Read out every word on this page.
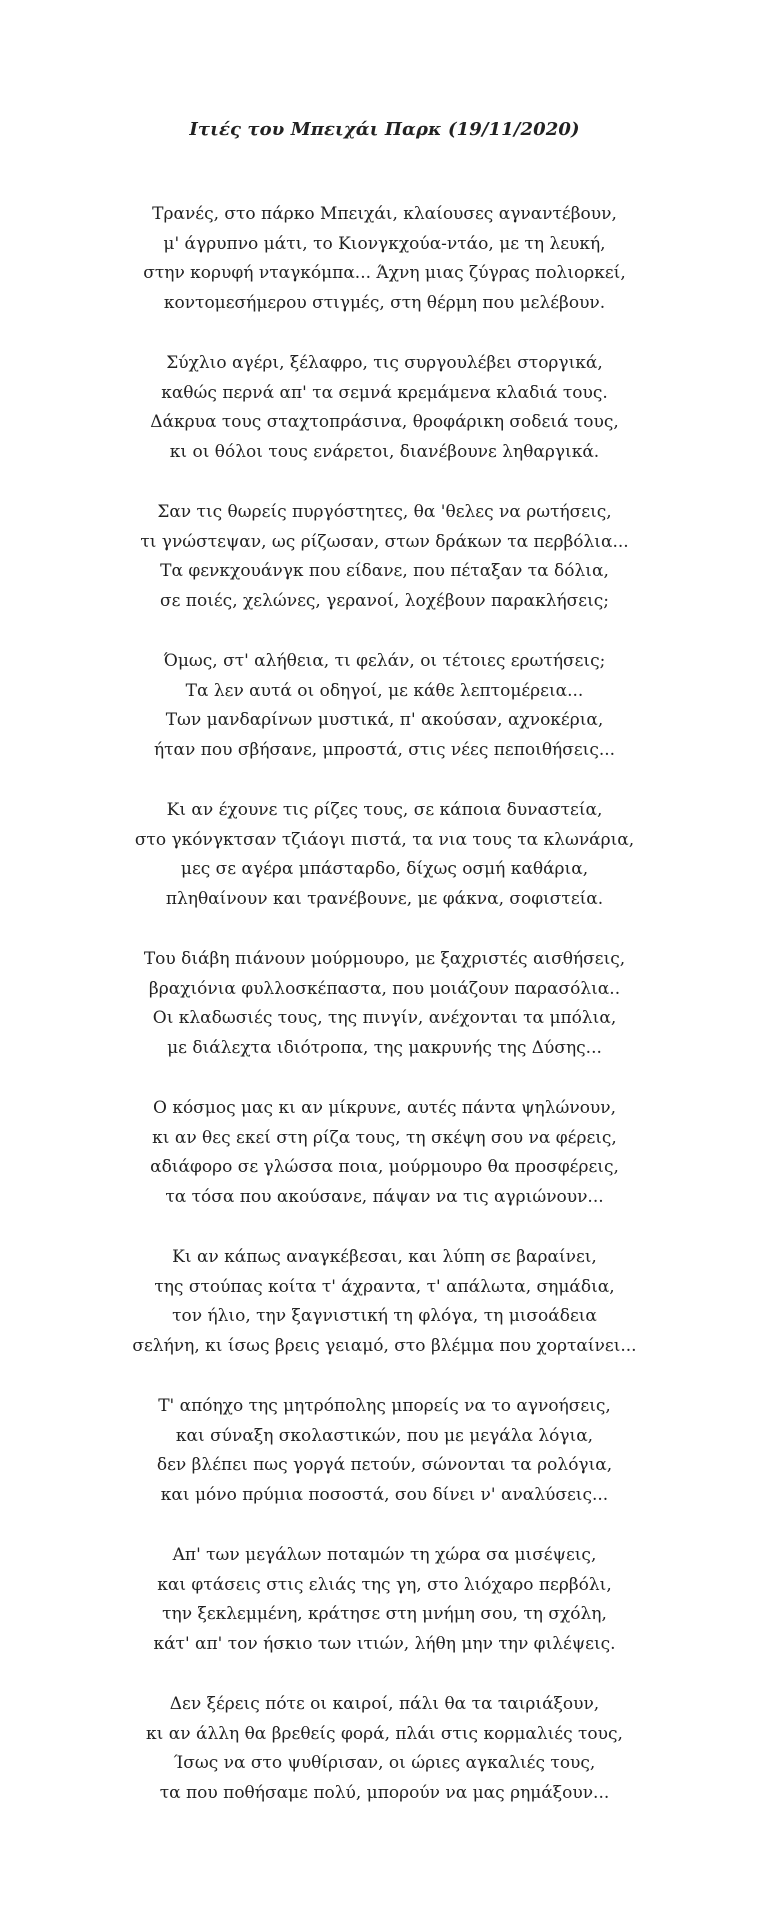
Ιτιές του Μπειχάι Παρκ (19/11/2020)
Τρανές, στο πάρκο Μπειχάι, κλαίουσες αγναντέβουν,
μ' άγρυπνο μάτι, το Κιονγκχούα-ντάο, με τη λευκή,
στην κορυφή νταγκόμπα... Άχνη μιας ζύγρας πολιορκεί,
κοντομεσήμερου στιγμές, στη θέρμη που μελέβουν.
Σύχλιο αγέρι, ξέλαφρο, τις συργουλέβει στοργικά,
καθώς περνά απ' τα σεμνά κρεμάμενα κλαδιά τους.
Δάκρυα τους σταχτοπράσινα, θροφάρικη σοδειά τους,
κι οι θόλοι τους ενάρετοι, διανέβουνε ληθαργικά.
Σαν τις θωρείς πυργόστητες, θα 'θελες να ρωτήσεις,
τι γνώστεψαν, ως ρίζωσαν, στων δράκων τα περβόλια...
Τα φενκχουάνγκ που είδανε, που πέταξαν τα δόλια,
σε ποιές, χελώνες, γερανοί, λοχέβουν παρακλήσεις;
Όμως, στ' αλήθεια, τι φελάν, οι τέτοιες ερωτήσεις;
Τα λεν αυτά οι οδηγοί, με κάθε λεπτομέρεια...
Των μανδαρίνων μυστικά, π' ακούσαν, αχνοκέρια,
ήταν που σβήσανε, μπροστά, στις νέες πεποιθήσεις...
Κι αν έχουνε τις ρίζες τους, σε κάποια δυναστεία,
στο γκόνγκτσαν τζιάογι πιστά, τα νια τους τα κλωνάρια,
μες σε αγέρα μπάσταρδο, δίχως οσμή καθάρια,
πληθαίνουν και τρανέβουνε, με φάκνα, σοφιστεία.
Του διάβη πιάνουν μούρμουρο, με ξαχριστές αισθήσεις,
βραχιόνια φυλλοσκέπαστα, που μοιάζουν παρασόλια..
Οι κλαδωσιές τους, της πινγίν, ανέχονται τα μπόλια,
με διάλεχτα ιδιότροπα, της μακρυνής της Δύσης...
Ο κόσμος μας κι αν μίκρυνε, αυτές πάντα ψηλώνουν,
κι αν θες εκεί στη ρίζα τους, τη σκέψη σου να φέρεις,
αδιάφορο σε γλώσσα ποια, μούρμουρο θα προσφέρεις,
τα τόσα που ακούσανε, πάψαν να τις αγριώνουν...
Κι αν κάπως αναγκέβεσαι, και λύπη σε βαραίνει,
της στούπας κοίτα τ' άχραντα, τ' απάλωτα, σημάδια,
τον ήλιο, την ξαγνιστική τη φλόγα, τη μισοάδεια
σελήνη, κι ίσως βρεις γειαμό, στο βλέμμα που χορταίνει...
Τ' απόηχο της μητρόπολης μπορείς να το αγνοήσεις,
και σύναξη σκολαστικών, που με μεγάλα λόγια,
δεν βλέπει πως γοργά πετούν, σώνονται τα ρολόγια,
και μόνο πρύμια ποσοστά, σου δίνει ν' αναλύσεις...
Απ' των μεγάλων ποταμών τη χώρα σα μισέψεις,
και φτάσεις στις ελιάς της γη, στο λιόχαρο περβόλι,
την ξεκλεμμένη, κράτησε στη μνήμη σου, τη σχόλη,
κάτ' απ' τον ήσκιο των ιτιών, λήθη μην την φιλέψεις.
Δεν ξέρεις πότε οι καιροί, πάλι θα τα ταιριάξουν,
κι αν άλλη θα βρεθείς φορά, πλάι στις κορμαλιές τους,
Ίσως να στο ψυθίρισαν, οι ώριες αγκαλιές τους,
τα που ποθήσαμε πολύ, μπορούν να μας ρημάξουν...
